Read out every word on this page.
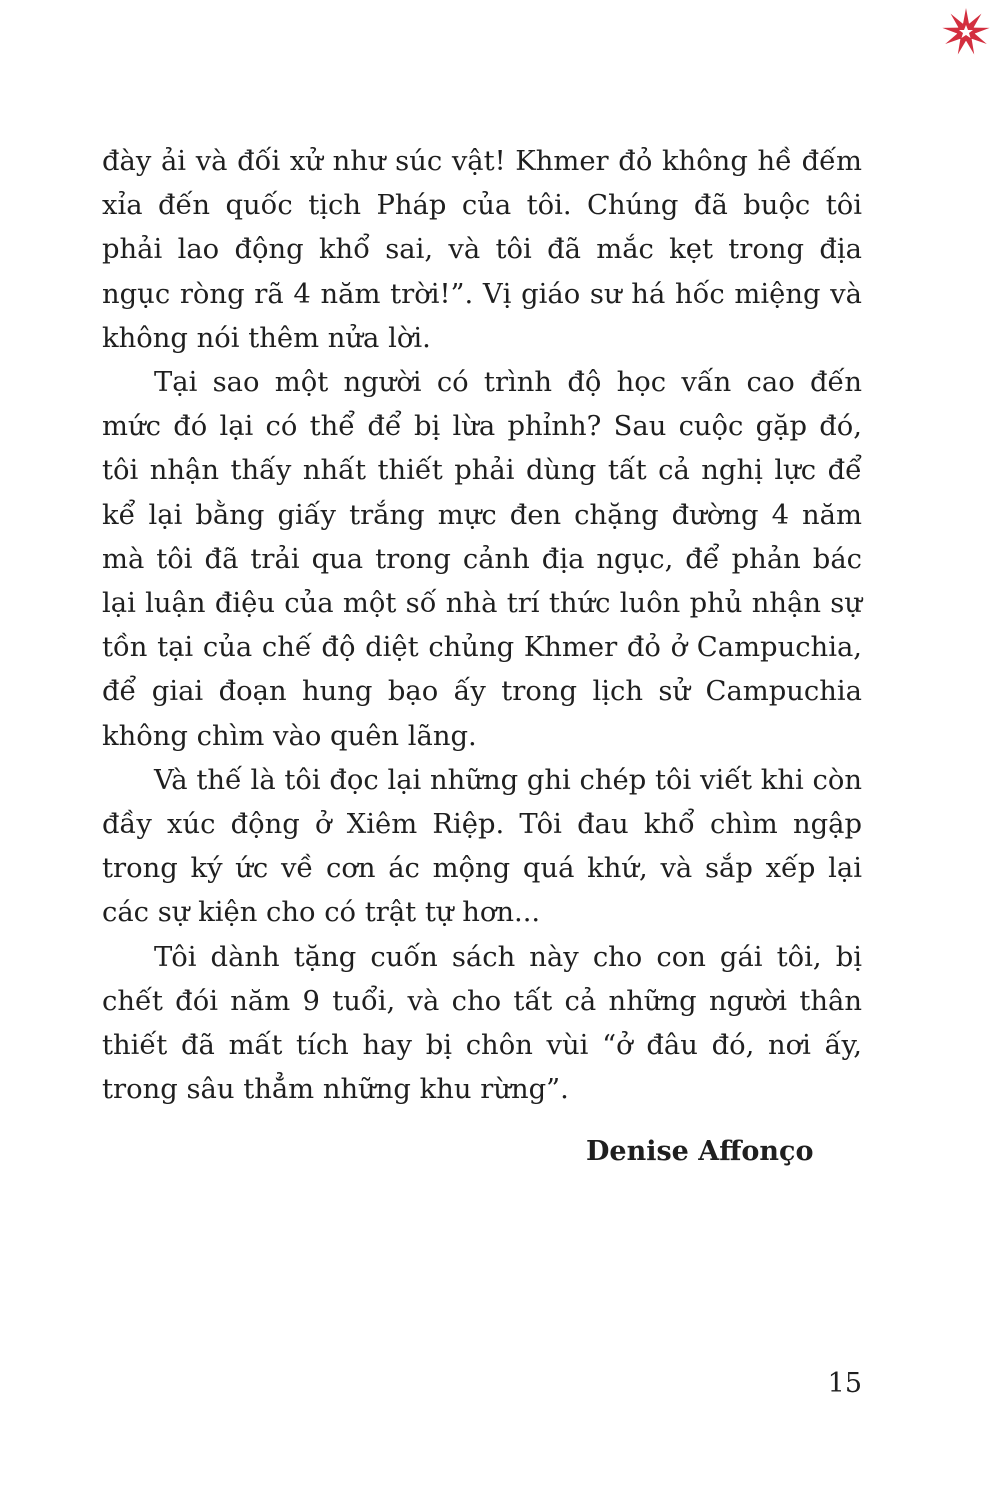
đày ải và đối xử như súc vật! Khmer đỏ không hề đếm xỉa đến quốc tịch Pháp của tôi. Chúng đã buộc tôi phải lao động khổ sai, và tôi đã mắc kẹt trong địa ngục ròng rã 4 năm trời!”. Vị giáo sư há hốc miệng và không nói thêm nửa lời.

Tại sao một người có trình độ học vấn cao đến mức đó lại có thể để bị lừa phỉnh? Sau cuộc gặp đó, tôi nhận thấy nhất thiết phải dùng tất cả nghị lực để kể lại bằng giấy trắng mực đen chặng đường 4 năm mà tôi đã trải qua trong cảnh địa ngục, để phản bác lại luận điệu của một số nhà trí thức luôn phủ nhận sự tồn tại của chế độ diệt chủng Khmer đỏ ở Campuchia, để giai đoạn hung bạo ấy trong lịch sử Campuchia không chìm vào quên lãng.

Và thế là tôi đọc lại những ghi chép tôi viết khi còn đầy xúc động ở Xiêm Riệp. Tôi đau khổ chìm ngập trong ký ức về cơn ác mộng quá khứ, và sắp xếp lại các sự kiện cho có trật tự hơn...

Tôi dành tặng cuốn sách này cho con gái tôi, bị chết đói năm 9 tuổi, và cho tất cả những người thân thiết đã mất tích hay bị chôn vùi “ở đâu đó, nơi ấy, trong sâu thẳm những khu rừng”.

Denise Affonço
15
